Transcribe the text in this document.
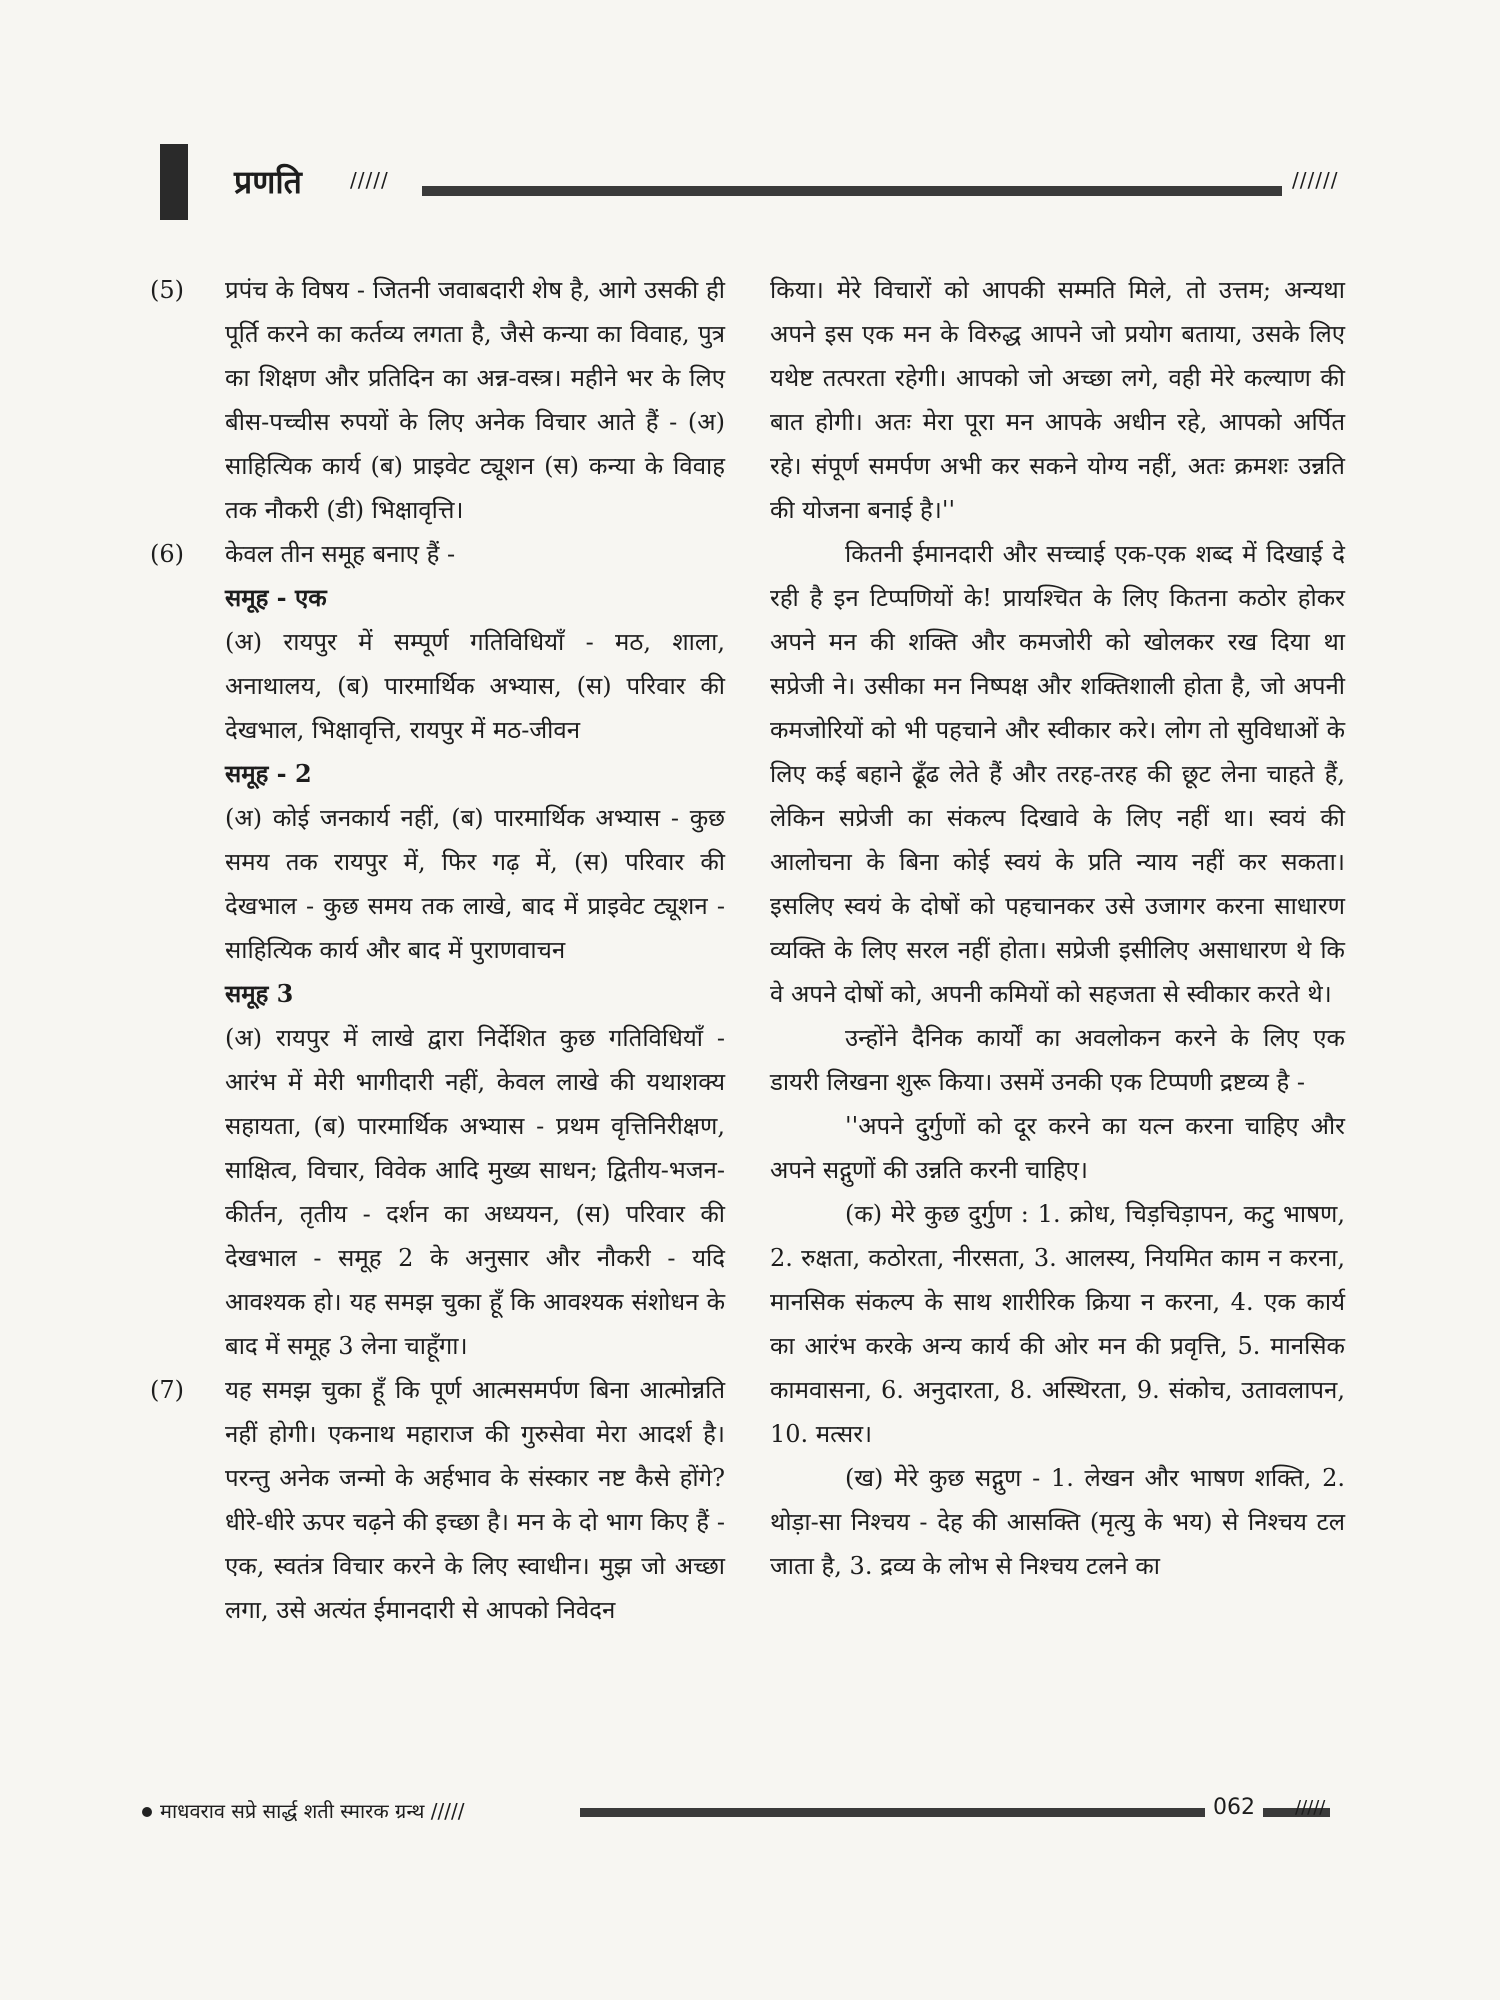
प्रणति /////	//////
(5) प्रपंच के विषय - जितनी जवाबदारी शेष है, आगे उसकी ही पूर्ति करने का कर्तव्य लगता है, जैसे कन्या का विवाह, पुत्र का शिक्षण और प्रतिदिन का अन्न-वस्त्र। महीने भर के लिए बीस-पच्चीस रुपयों के लिए अनेक विचार आते हैं - (अ) साहित्यिक कार्य (ब) प्राइवेट ट्यूशन (स) कन्या के विवाह तक नौकरी (डी) भिक्षावृत्ति।

(6) केवल तीन समूह बनाए हैं -

समूह - एक

(अ) रायपुर में सम्पूर्ण गतिविधियाँ - मठ, शाला, अनाथालय, (ब) पारमार्थिक अभ्यास, (स) परिवार की देखभाल, भिक्षावृत्ति, रायपुर में मठ-जीवन

समूह - 2

(अ) कोई जनकार्य नहीं, (ब) पारमार्थिक अभ्यास - कुछ समय तक रायपुर में, फिर गढ़ में, (स) परिवार की देखभाल - कुछ समय तक लाखे, बाद में प्राइवेट ट्यूशन - साहित्यिक कार्य और बाद में पुराणवाचन

समूह 3

(अ) रायपुर में लाखे द्वारा निर्देशित कुछ गतिविधियाँ - आरंभ में मेरी भागीदारी नहीं, केवल लाखे की यथाशक्य सहायता, (ब) पारमार्थिक अभ्यास - प्रथम वृत्तिनिरीक्षण, साक्षित्व, विचार, विवेक आदि मुख्य साधन; द्वितीय-भजन-कीर्तन, तृतीय - दर्शन का अध्ययन, (स) परिवार की देखभाल - समूह 2 के अनुसार और नौकरी - यदि आवश्यक हो। यह समझ चुका हूँ कि आवश्यक संशोधन के बाद में समूह 3 लेना चाहूँगा।

(7) यह समझ चुका हूँ कि पूर्ण आत्मसमर्पण बिना आत्मोन्नति नहीं होगी। एकनाथ महाराज की गुरुसेवा मेरा आदर्श है। परन्तु अनेक जन्मो के अर्हभाव के संस्कार नष्ट कैसे होंगे? धीरे-धीरे ऊपर चढ़ने की इच्छा है। मन के दो भाग किए हैं - एक, स्वतंत्र विचार करने के लिए स्वाधीन। मुझ जो अच्छा लगा, उसे अत्यंत ईमानदारी से आपको निवेदन

किया। मेरे विचारों को आपकी सम्मति मिले, तो उत्तम; अन्यथा अपने इस एक मन के विरुद्ध आपने जो प्रयोग बताया, उसके लिए यथेष्ट तत्परता रहेगी। आपको जो अच्छा लगे, वही मेरे कल्याण की बात होगी। अतः मेरा पूरा मन आपके अधीन रहे, आपको अर्पित रहे। संपूर्ण समर्पण अभी कर सकने योग्य नहीं, अतः क्रमशः उन्नति की योजना बनाई है।''

कितनी ईमानदारी और सच्चाई एक-एक शब्द में दिखाई दे रही है इन टिप्पणियों के! प्रायश्चित के लिए कितना कठोर होकर अपने मन की शक्ति और कमजोरी को खोलकर रख दिया था सप्रेजी ने। उसीका मन निष्पक्ष और शक्तिशाली होता है, जो अपनी कमजोरियों को भी पहचाने और स्वीकार करे। लोग तो सुविधाओं के लिए कई बहाने ढूँढ लेते हैं और तरह-तरह की छूट लेना चाहते हैं, लेकिन सप्रेजी का संकल्प दिखावे के लिए नहीं था। स्वयं की आलोचना के बिना कोई स्वयं के प्रति न्याय नहीं कर सकता। इसलिए स्वयं के दोषों को पहचानकर उसे उजागर करना साधारण व्यक्ति के लिए सरल नहीं होता। सप्रेजी इसीलिए असाधारण थे कि वे अपने दोषों को, अपनी कमियों को सहजता से स्वीकार करते थे।

उन्होंने दैनिक कार्यों का अवलोकन करने के लिए एक डायरी लिखना शुरू किया। उसमें उनकी एक टिप्पणी द्रष्टव्य है -

''अपने दुर्गुणों को दूर करने का यत्न करना चाहिए और अपने सद्गुणों की उन्नति करनी चाहिए।

(क) मेरे कुछ दुर्गुण : 1. क्रोध, चिड़चिड़ापन, कटु भाषण, 2. रुक्षता, कठोरता, नीरसता, 3. आलस्य, नियमित काम न करना, मानसिक संकल्प के साथ शारीरिक क्रिया न करना, 4. एक कार्य का आरंभ करके अन्य कार्य की ओर मन की प्रवृत्ति, 5. मानसिक कामवासना, 6. अनुदारता, 8. अस्थिरता, 9. संकोच, उतावलापन, 10. मत्सर।

(ख) मेरे कुछ सद्गुण - 1. लेखन और भाषण शक्ति, 2. थोड़ा-सा निश्चय - देह की आसक्ति (मृत्यु के भय) से निश्चय टल जाता है, 3. द्रव्य के लोभ से निश्चय टलने का

माधवराव सप्रे सार्द्ध शती स्मारक ग्रन्थ /////	062	/////
